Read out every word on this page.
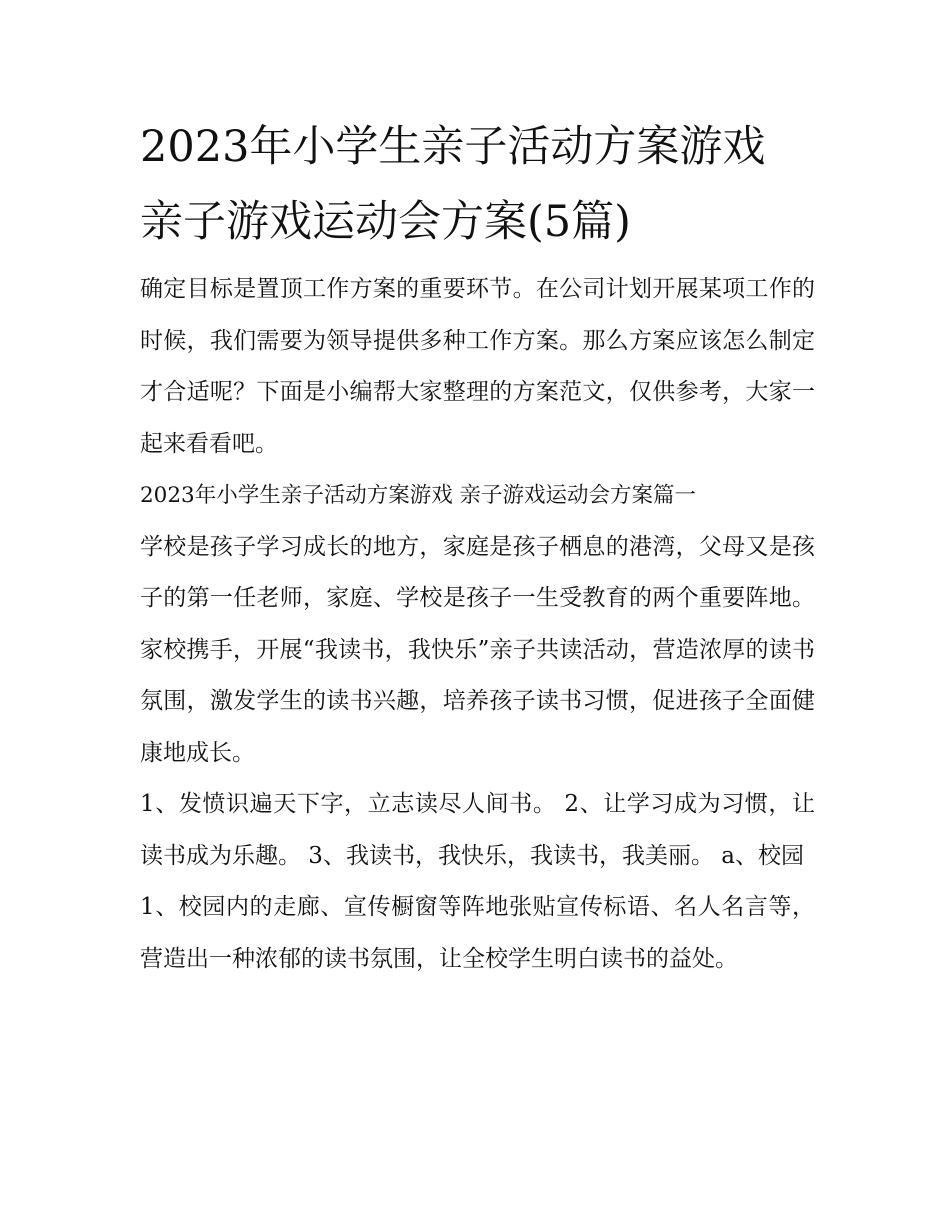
2023年小学生亲子活动方案游戏 亲子游戏运动会方案(5篇)

确定目标是置顶工作方案的重要环节。在公司计划开展某项工作的时候，我们需要为领导提供多种工作方案。那么方案应该怎么制定才合适呢？下面是小编帮大家整理的方案范文，仅供参考，大家一起来看看吧。

2023年小学生亲子活动方案游戏 亲子游戏运动会方案篇一

学校是孩子学习成长的地方，家庭是孩子栖息的港湾，父母又是孩子的第一任老师，家庭、学校是孩子一生受教育的两个重要阵地。家校携手，开展“我读书，我快乐”亲子共读活动，营造浓厚的读书氛围，激发学生的读书兴趣，培养孩子读书习惯，促进孩子全面健康地成长。

1、发愤识遍天下字，立志读尽人间书。 2、让学习成为习惯，让读书成为乐趣。 3、我读书，我快乐，我读书，我美丽。 a、校园

1、校园内的走廊、宣传橱窗等阵地张贴宣传标语、名人名言等，营造出一种浓郁的读书氛围，让全校学生明白读书的益处。
